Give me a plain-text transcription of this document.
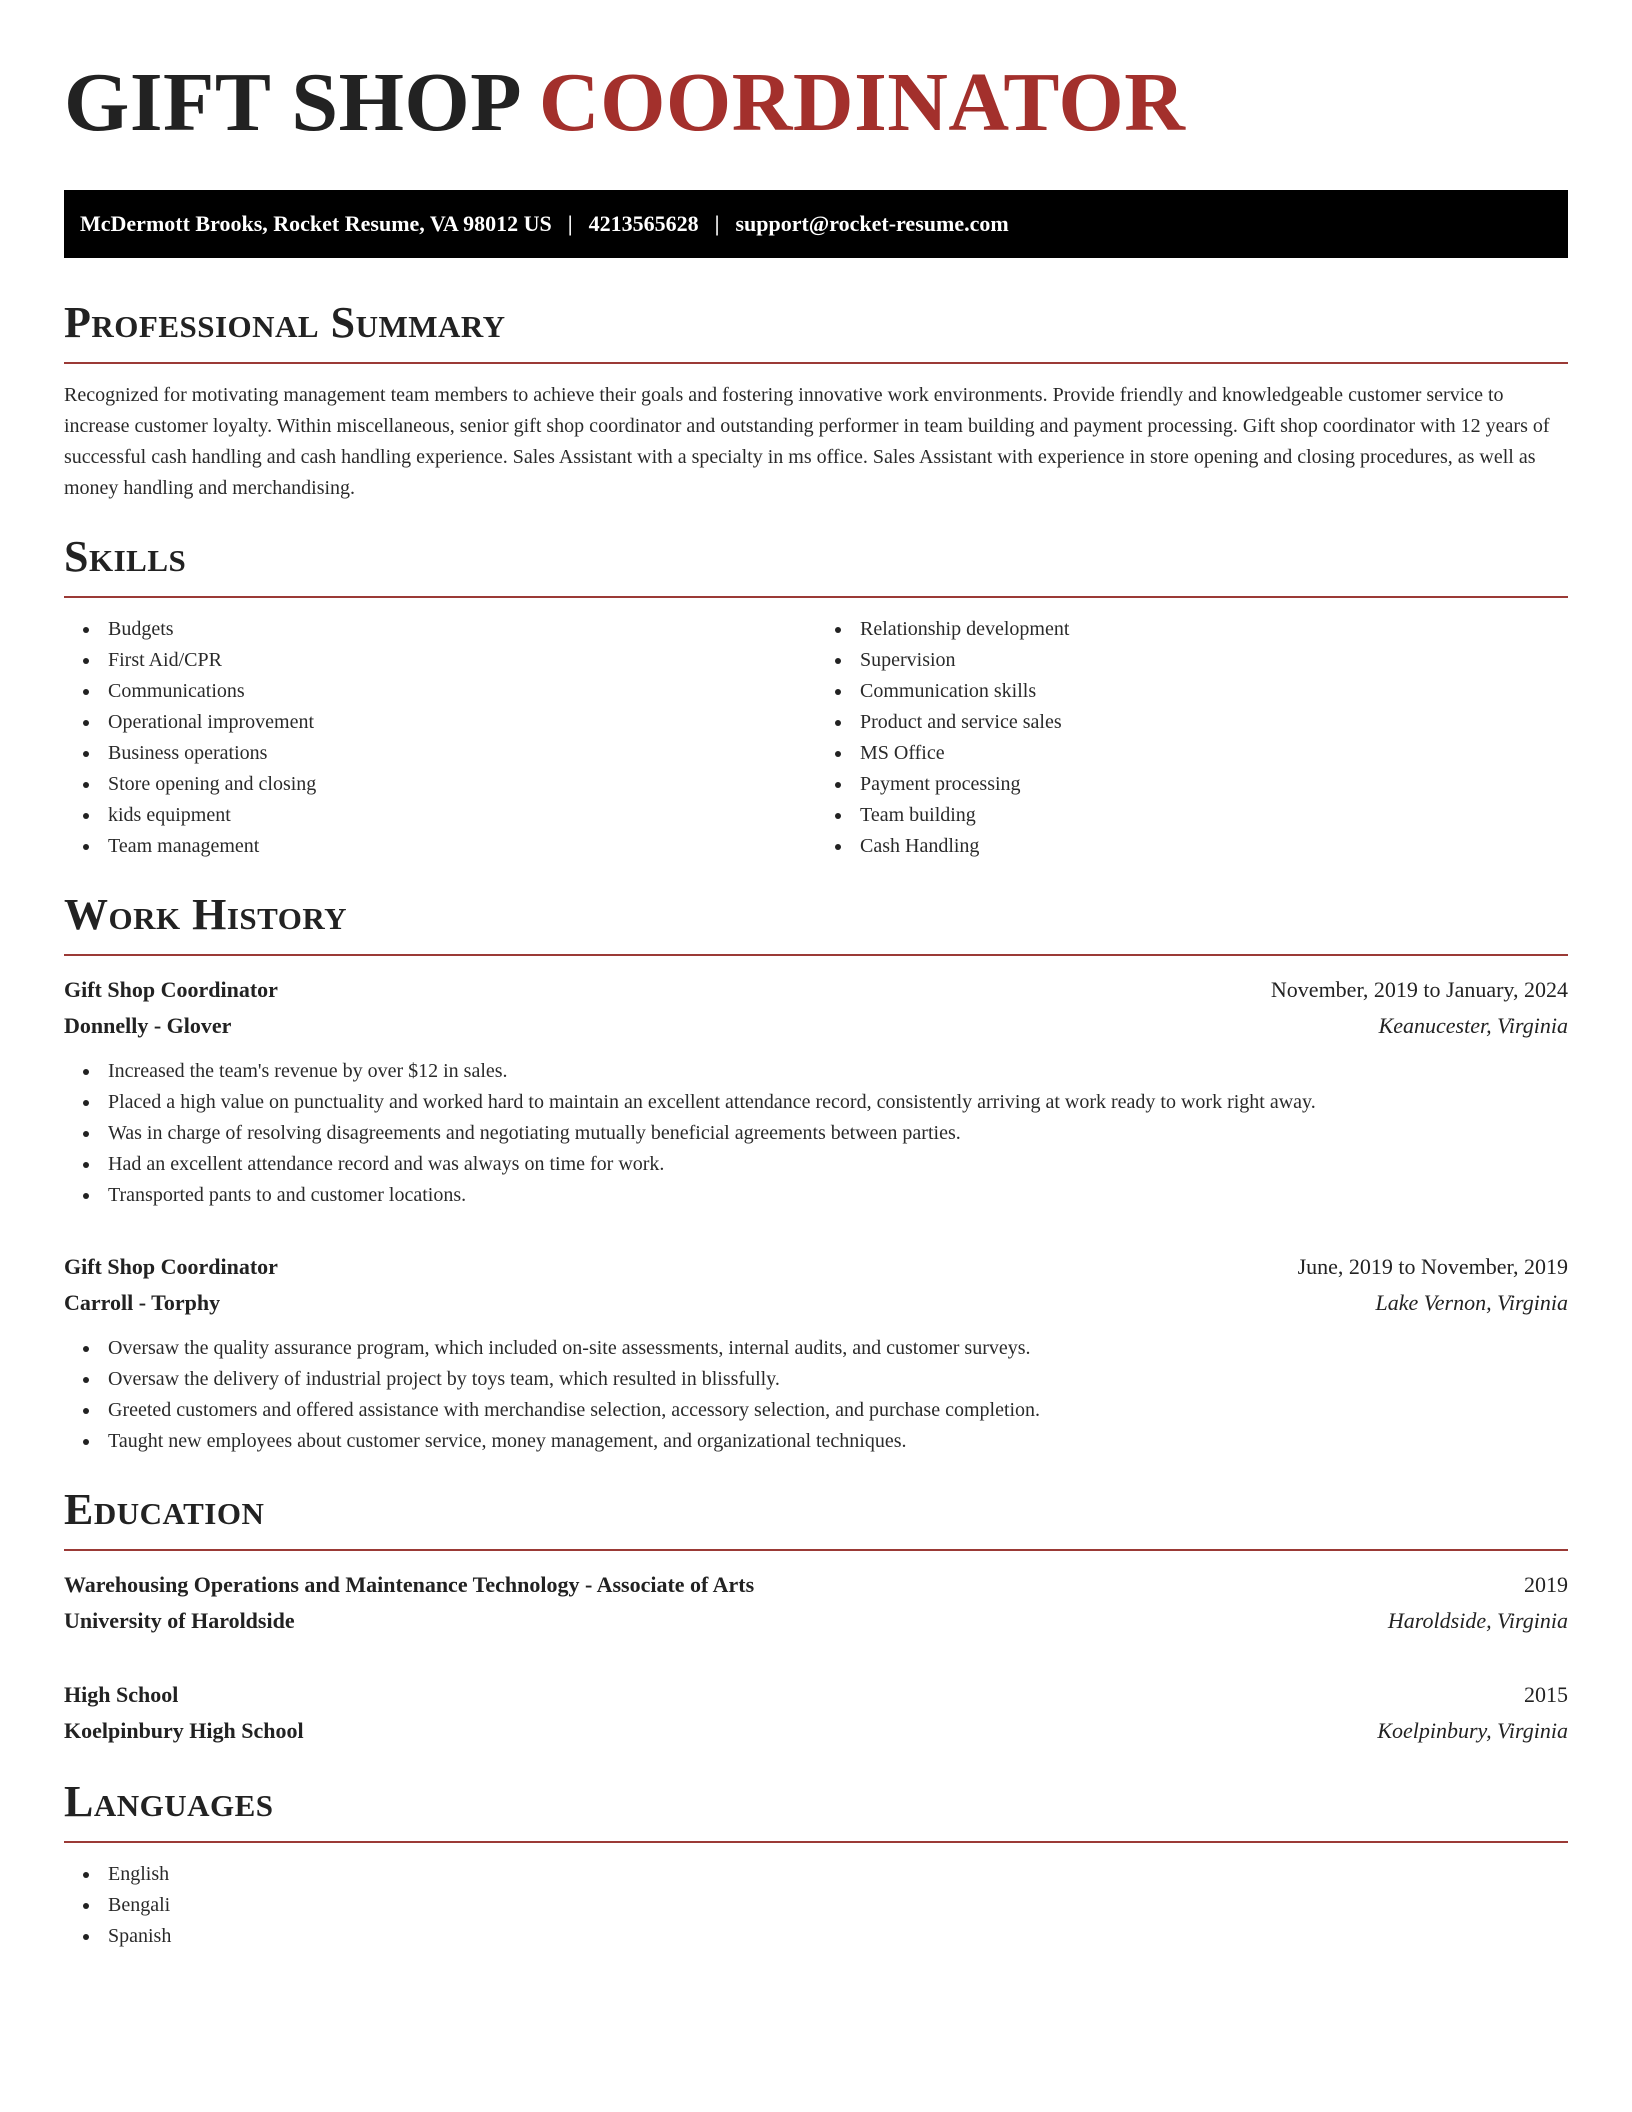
GIFT SHOP COORDINATOR
McDermott Brooks, Rocket Resume, VA 98012 US | 4213565628 | support@rocket-resume.com
Professional Summary

Recognized for motivating management team members to achieve their goals and fostering innovative work environments. Provide friendly and knowledgeable customer service to increase customer loyalty. Within miscellaneous, senior gift shop coordinator and outstanding performer in team building and payment processing. Gift shop coordinator with 12 years of successful cash handling and cash handling experience. Sales Assistant with a specialty in ms office. Sales Assistant with experience in store opening and closing procedures, as well as money handling and merchandising.

Skills
Budgets
First Aid/CPR
Communications
Operational improvement
Business operations
Store opening and closing
kids equipment
Team management
Relationship development
Supervision
Communication skills
Product and service sales
MS Office
Payment processing
Team building
Cash Handling
Work History
Gift Shop Coordinator	November, 2019 to January, 2024
Donnelly - Glover	Keanucester, Virginia
Increased the team's revenue by over $12 in sales.
Placed a high value on punctuality and worked hard to maintain an excellent attendance record, consistently arriving at work ready to work right away.
Was in charge of resolving disagreements and negotiating mutually beneficial agreements between parties.
Had an excellent attendance record and was always on time for work.
Transported pants to and customer locations.
Gift Shop Coordinator	June, 2019 to November, 2019
Carroll - Torphy	Lake Vernon, Virginia
Oversaw the quality assurance program, which included on-site assessments, internal audits, and customer surveys.
Oversaw the delivery of industrial project by toys team, which resulted in blissfully.
Greeted customers and offered assistance with merchandise selection, accessory selection, and purchase completion.
Taught new employees about customer service, money management, and organizational techniques.
Education
Warehousing Operations and Maintenance Technology - Associate of Arts	2019
University of Haroldside	Haroldside, Virginia
High School	2015
Koelpinbury High School	Koelpinbury, Virginia
Languages
English
Bengali
Spanish
